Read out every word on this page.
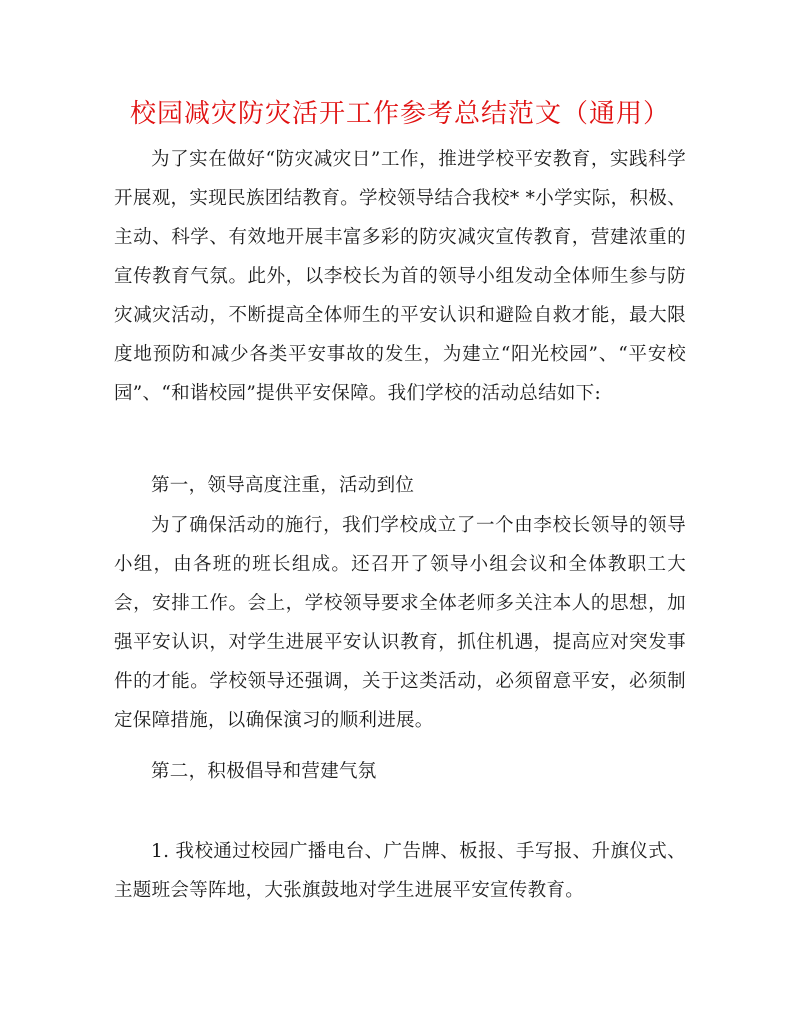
校园减灾防灾活开工作参考总结范文（通用）

为了实在做好“防灾减灾日”工作，推进学校平安教育，实践科学开展观，实现民族团结教育。学校领导结合我校* *小学实际，积极、主动、科学、有效地开展丰富多彩的防灾减灾宣传教育，营建浓重的宣传教育气氛。此外，以李校长为首的领导小组发动全体师生参与防灾减灾活动，不断提高全体师生的平安认识和避险自救才能，最大限度地预防和减少各类平安事故的发生，为建立“阳光校园”、“平安校园”、“和谐校园”提供平安保障。我们学校的活动总结如下:

第一，领导高度注重，活动到位

为了确保活动的施行，我们学校成立了一个由李校长领导的领导小组，由各班的班长组成。还召开了领导小组会议和全体教职工大会，安排工作。会上，学校领导要求全体老师多关注本人的思想，加强平安认识，对学生进展平安认识教育，抓住机遇，提高应对突发事件的才能。学校领导还强调，关于这类活动，必须留意平安，必须制定保障措施，以确保演习的顺利进展。

第二，积极倡导和营建气氛

1. 我校通过校园广播电台、广告牌、板报、手写报、升旗仪式、主题班会等阵地，大张旗鼓地对学生进展平安宣传教育。
